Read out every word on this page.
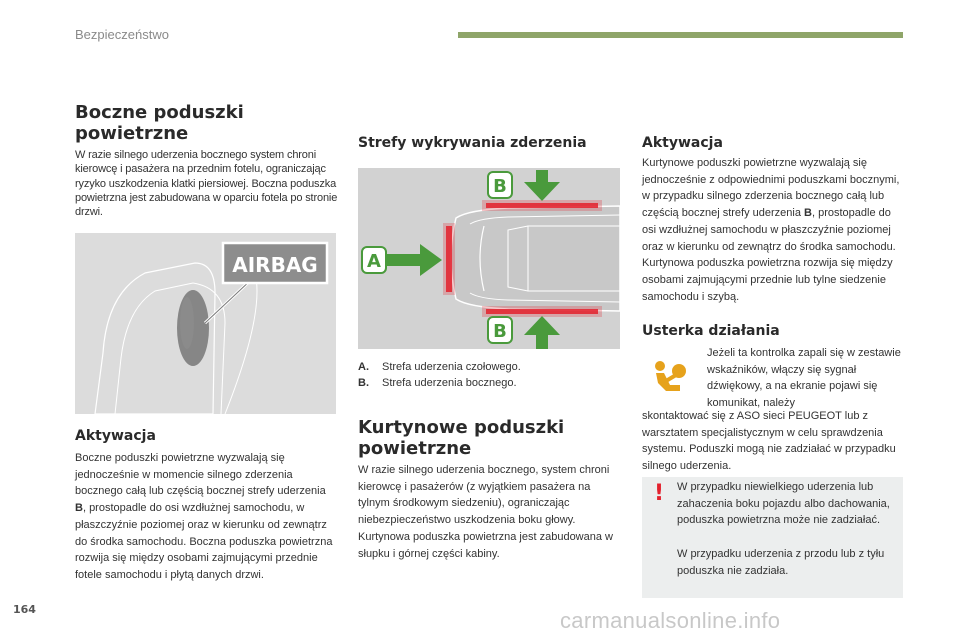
Bezpieczeństwo
Boczne poduszki powietrzne

W razie silnego uderzenia bocznego system chroni kierowcę i pasażera na przednim fotelu, ograniczając ryzyko uszkodzenia klatki piersiowej. Boczna poduszka powietrzna jest zabudowana w oparciu fotela po stronie drzwi.

AIRBAG
Aktywacja

Boczne poduszki powietrzne wyzwalają się jednocześnie w momencie silnego zderzenia bocznego całą lub częścią bocznej strefy uderzenia B, prostopadle do osi wzdłużnej samochodu, w płaszczyźnie poziomej oraz w kierunku od zewnątrz do środka samochodu. Boczna poduszka powietrzna rozwija się między osobami zajmującymi przednie fotele samochodu i płytą danych drzwi.

Strefy wykrywania zderzenia
A
B
B
A. Strefa uderzenia czołowego.
B. Strefa uderzenia bocznego.
Kurtynowe poduszki powietrzne

W razie silnego uderzenia bocznego, system chroni kierowcę i pasażerów (z wyjątkiem pasażera na tylnym środkowym siedzeniu), ograniczając niebezpieczeństwo uszkodzenia boku głowy. Kurtynowa poduszka powietrzna jest zabudowana w słupku i górnej części kabiny.

Aktywacja

Kurtynowe poduszki powietrzne wyzwalają się jednocześnie z odpowiednimi poduszkami bocznymi, w przypadku silnego zderzenia bocznego całą lub częścią bocznej strefy uderzenia B, prostopadle do osi wzdłużnej samochodu w płaszczyźnie poziomej oraz w kierunku od zewnątrz do środka samochodu. Kurtynowa poduszka powietrzna rozwija się między osobami zajmującymi przednie lub tylne siedzenie samochodu i szybą.

Usterka działania

Jeżeli ta kontrolka zapali się w zestawie wskaźników, włączy się sygnał dźwiękowy, a na ekranie pojawi się komunikat, należy

skontaktować się z ASO sieci PEUGEOT lub z warsztatem specjalistycznym w celu sprawdzenia systemu. Poduszki mogą nie zadziałać w przypadku silnego uderzenia.

! W przypadku niewielkiego uderzenia lub zahaczenia boku pojazdu albo dachowania, poduszka powietrzna może nie zadziałać.

W przypadku uderzenia z przodu lub z tyłu poduszka nie zadziała.

164	carmanualsonline.info
